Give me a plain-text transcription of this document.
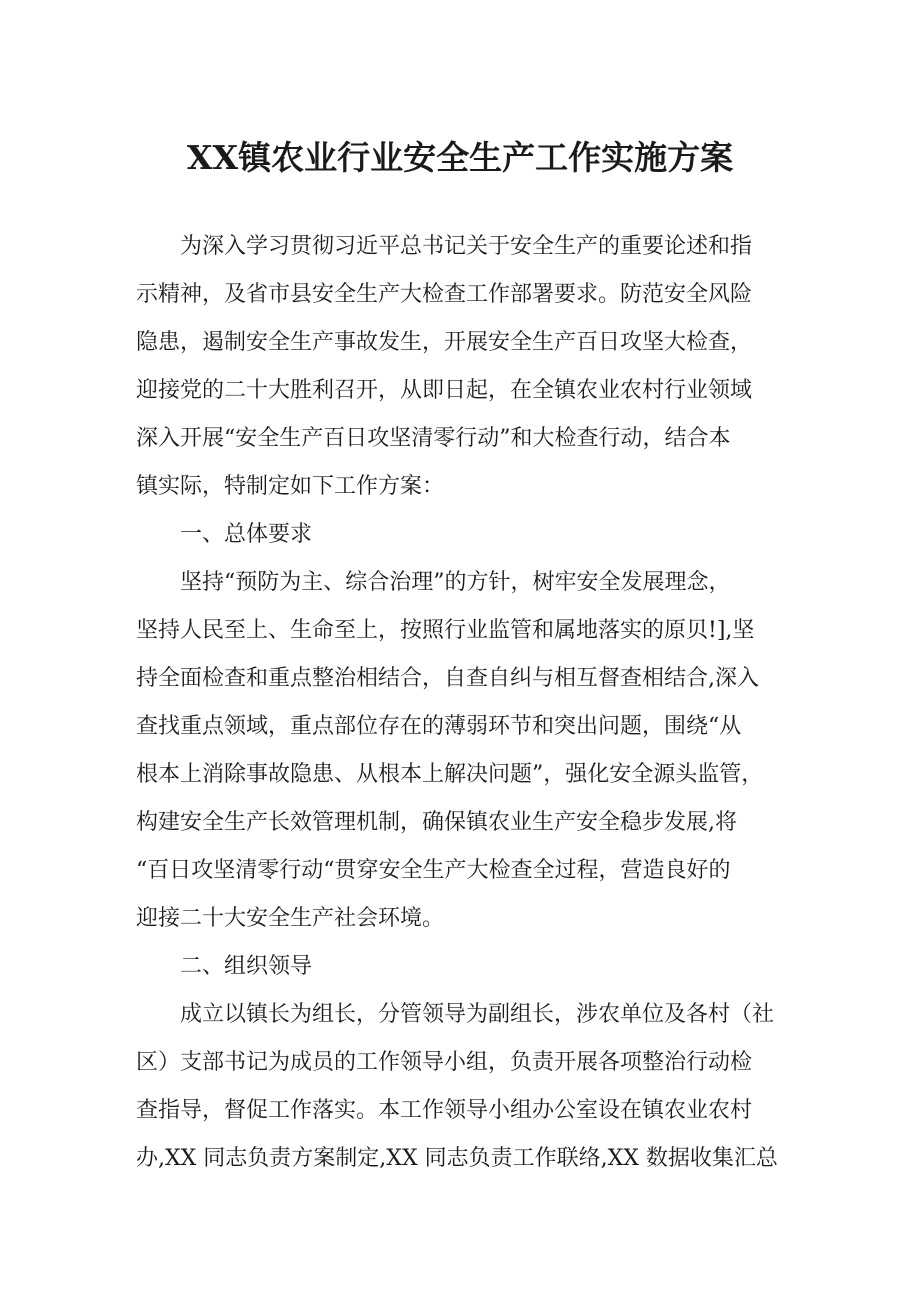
XX镇农业行业安全生产工作实施方案
为深入学习贯彻习近平总书记关于安全生产的重要论述和指
示精神，及省市县安全生产大检查工作部署要求。防范安全风险
隐患，遏制安全生产事故发生，开展安全生产百日攻坚大检查，
迎接党的二十大胜利召开，从即日起，在全镇农业农村行业领域
深入开展“安全生产百日攻坚清零行动”和大检查行动，结合本
镇实际，特制定如下工作方案：
一、总体要求
坚持“预防为主、综合治理”的方针，树牢安全发展理念，
坚持人民至上、生命至上，按照行业监管和属地落实的原贝!],坚
持全面检查和重点整治相结合，自查自纠与相互督查相结合,深入
查找重点领域，重点部位存在的薄弱环节和突出问题，围绕“从
根本上消除事故隐患、从根本上解决问题”，强化安全源头监管，
构建安全生产长效管理机制，确保镇农业生产安全稳步发展,将
“百日攻坚清零行动“贯穿安全生产大检查全过程，营造良好的
迎接二十大安全生产社会环境。
二、组织领导
成立以镇长为组长，分管领导为副组长，涉农单位及各村（社
区）支部书记为成员的工作领导小组，负责开展各项整治行动检
查指导，督促工作落实。本工作领导小组办公室设在镇农业农村
办,XX 同志负责方案制定,XX 同志负责工作联络,XX 数据收集汇总
